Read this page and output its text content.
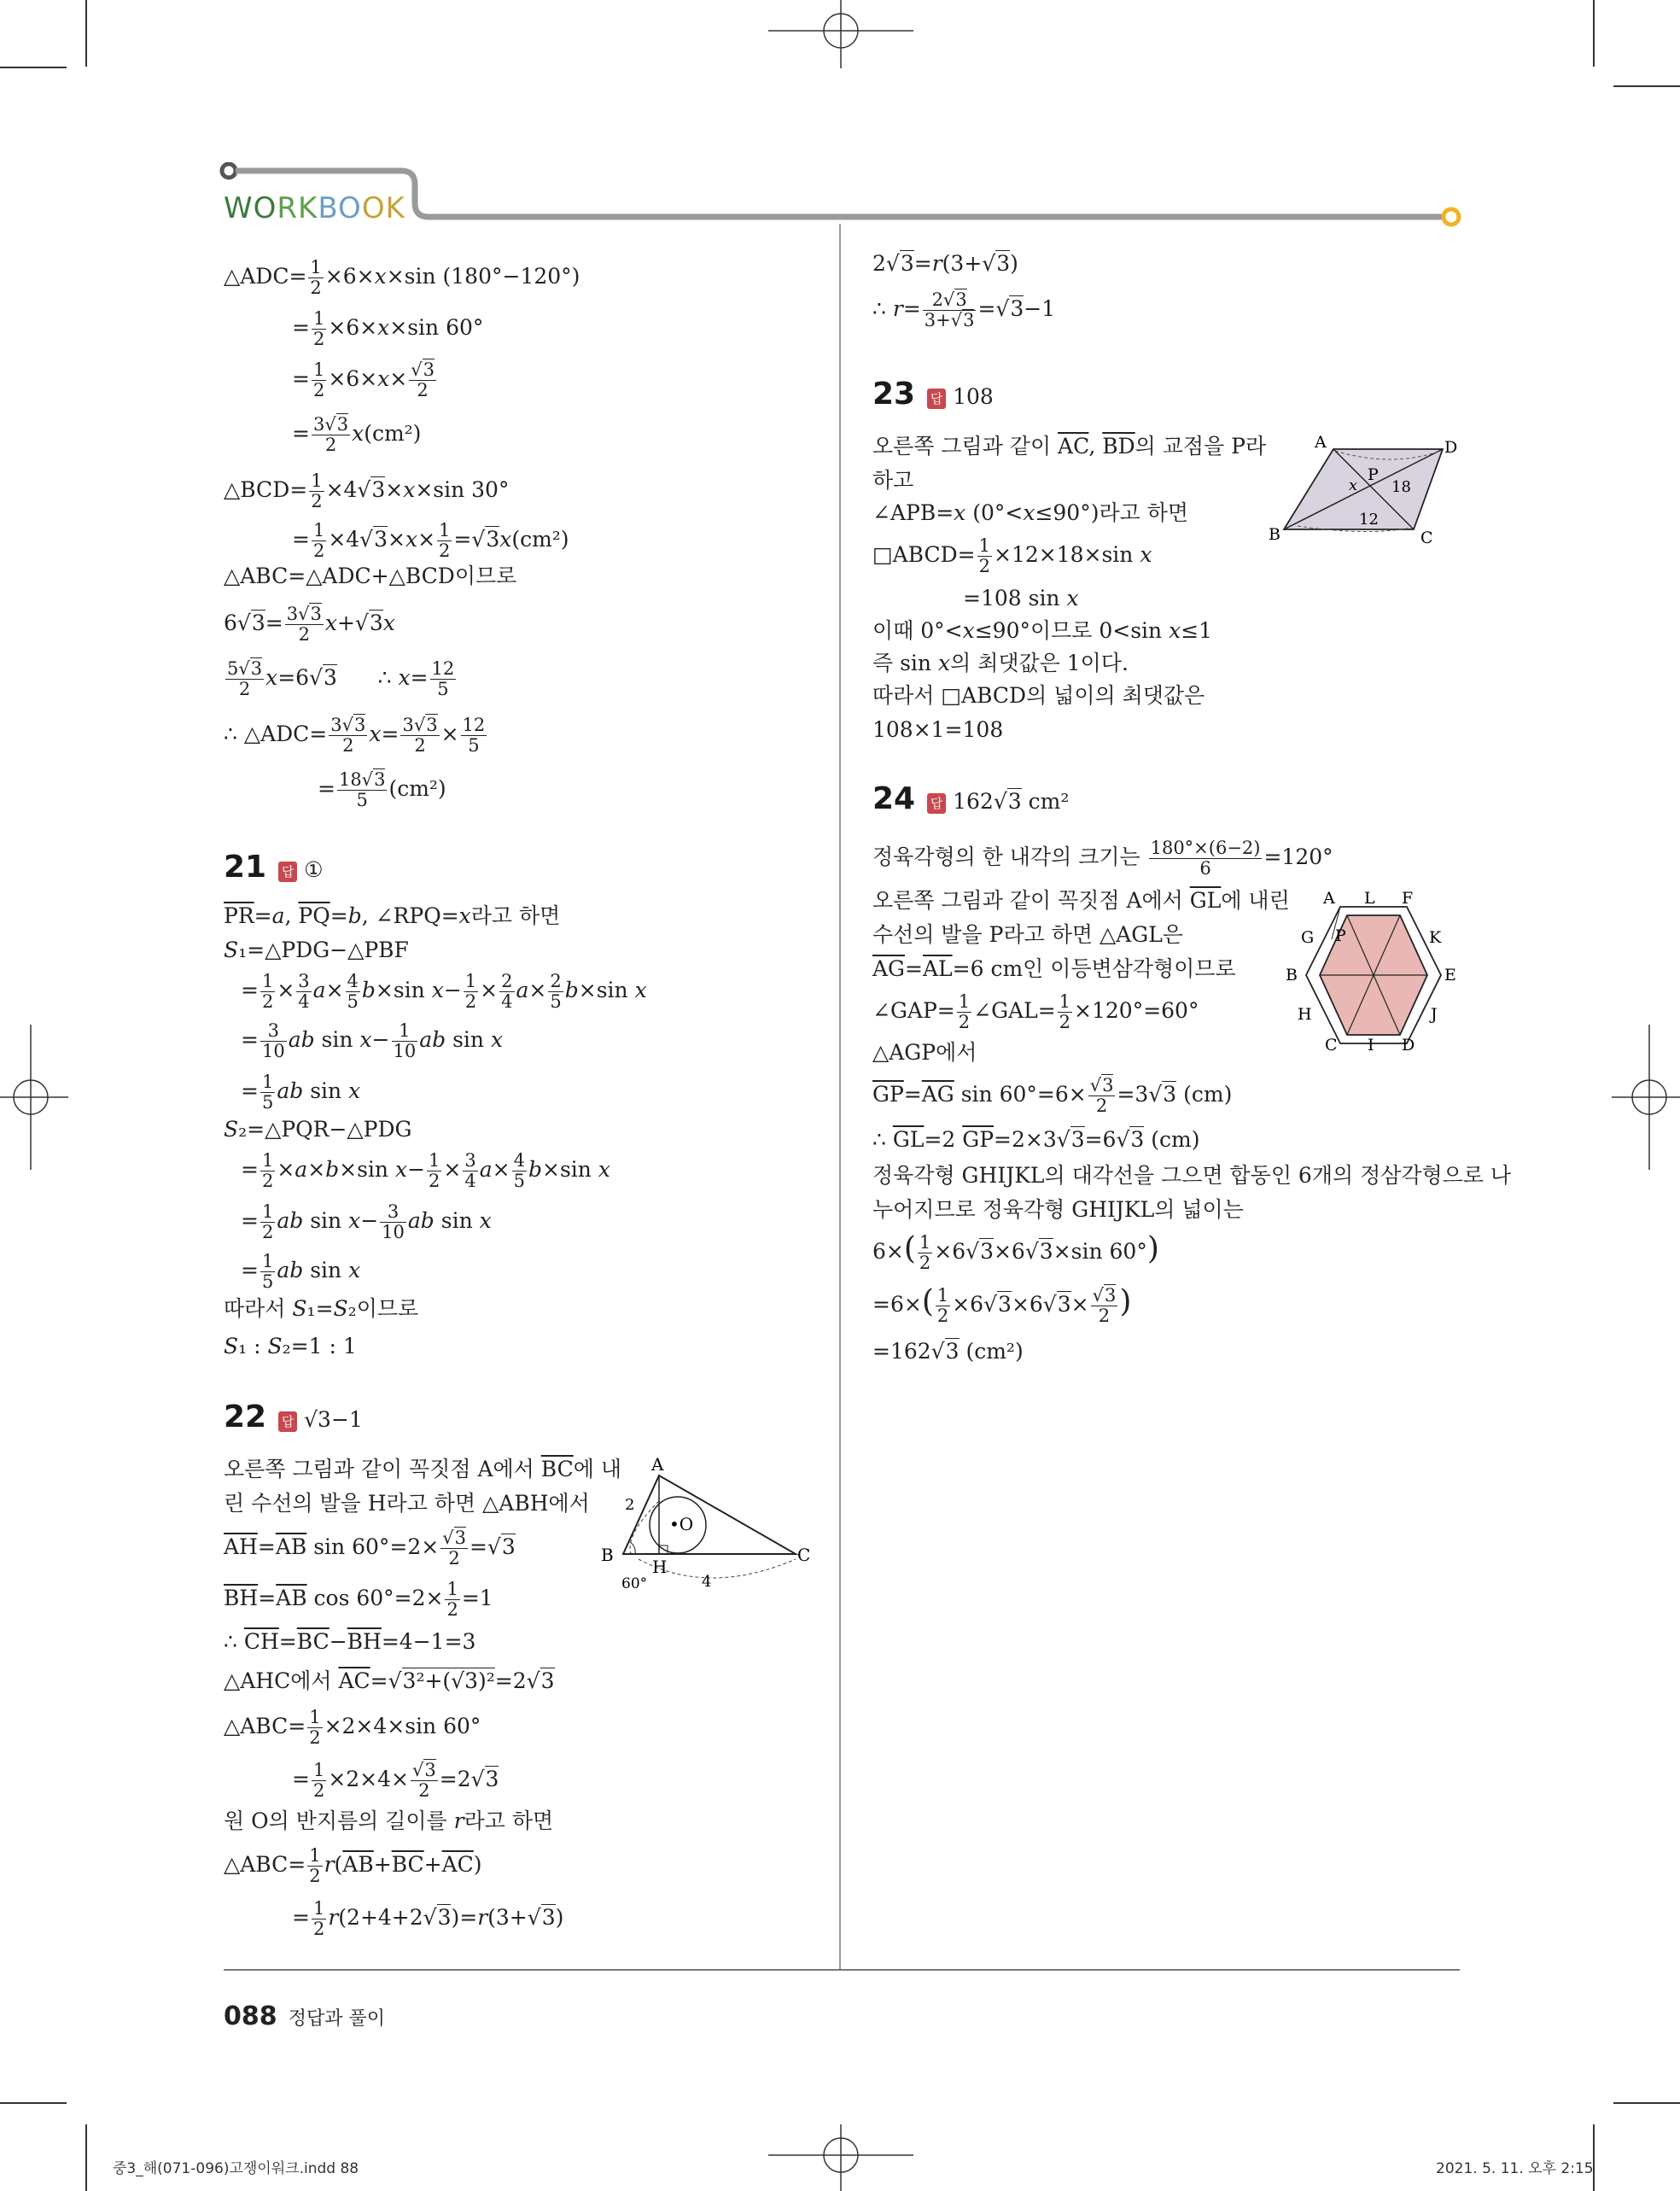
WORKBOOK
△ADC= $\frac{1}{2} \times 6\times x\times\sin$ (180°−120°)
= $\frac{1}{2} \times 6\times x\times\sin$ 60°
= $\frac{1}{2} \times 6\times x\times \frac{√3}{2}$
= $\frac{3√3}{2} x(cm^2)$
△BCD= $\frac{1}{2} \times 4√3\times x\times\sin$ 30°
= $\frac{1}{2} \times 4√3\times x\times \frac{1}{2} =√3x(cm^2)$
△ABC=△ADC+△BCD이므로
$6√3= \frac{3√3}{2} x+√3x$
$\frac{5√3}{2} x=6√3$      ∴ $x= \frac{12}{5}$
∴ △ADC= $\frac{3√3}{2} x= \frac{3√3}{2} \times \frac{12}{5}$
= $\frac{18√3}{5} (cm^2)$
21 답 ①
$\overline{PR}=a$, $\overline{PQ}=b$, ∠RPQ=x라고 하면
S₁=△PDG−△PBF
= $\frac{1}{2} \times \frac{3}{4} a\times \frac{4}{5} b\times\sin$ $x- \frac{1}{2} \times \frac{2}{4} a\times \frac{2}{5} b\times\sin$ x
= $\frac{3}{10}$ ab $\sin x- \frac{1}{10}$ ab sin x
= $\frac{1}{5}$ ab sin x
S₂=△PQR−△PDG
= $\frac{1}{2} \times a\times b\times\sin$ $x- \frac{1}{2} \times \frac{3}{4} a\times \frac{4}{5} b\times\sin$ x
= $\frac{1}{2}$ ab $\sin x- \frac{3}{10}$ ab sin x
= $\frac{1}{5}$ ab sin x
따라서 S₁=S₂이므로
S₁ : S₂=1 : 1
22 답 √3−1
오른쪽 그림과 같이 꼭짓점 A에서 $\overline{BC}$에 내
린 수선의 발을 H라고 하면 △ABH에서
$\overline{AH}=\overline{AB}$ $\sin 60^\circ=2\times \frac{√3}{2} =√3$
$\overline{BH}=\overline{AB}$ $\cos 60^\circ=2\times \frac{1}{2} =1$
∴ $\overline{CH}=\overline{BC}-\overline{BH}=4-1=3$
△AHC에서 $\overline{AC}=√3^2+(√3)^2=2√3$
△ABC= $\frac{1}{2} \times 2\times 4\times\sin$ 60°
= $\frac{1}{2} \times 2\times 4\times \frac{√3}{2} =2√3$
원 O의 반지름의 길이를 r라고 하면
△ABC= $\frac{1}{2} r(\overline{AB}+\overline{BC}+\overline{AC})$
= $\frac{1}{2} r(2+4+2√3)=r(3+√3)$
A
B	C
H
•O
2
4
60°
2√3=r(3+√3)
∴ $r= \frac{2√3}{3+√3} =√3-1$
23 답 108
오른쪽 그림과 같이 $\overline{AC}$, $\overline{BD}$의 교점을 P라
하고
∠APB=x (0°<x≤90°)라고 하면
□ABCD= $\frac{1}{2} \times 12\times 18\times\sin$ x
=108 sin x
이때 0°<x≤90°이므로 0<sin x≤1
즉 sin x의 최댓값은 1이다.
따라서 □ABCD의 넓이의 최댓값은
108×1=108
24 답 162√3 cm²
정육각형의 한 내각의 크기는 $\frac{180^\circ\times(6-2)}{6} =120^\circ$
오른쪽 그림과 같이 꼭짓점 A에서 $\overline{GL}$에 내린
수선의 발을 P라고 하면 △AGL은
$\overline{AG}=\overline{AL}=6$ cm인 이등변삼각형이므로
∠GAP= $\frac{1}{2}$ ∠GAL= $\frac{1}{2} \times 120^\circ=60^\circ$
△AGP에서
$\overline{GP}=\overline{AG}$ $\sin 60^\circ=6\times \frac{√3}{2} =3√3$ (cm)
∴ $\overline{GL}=2$ $\overline{GP}=2\times 3√3=6√3$ (cm)
정육각형 GHIJKL의 대각선을 그으면 합동인 6개의 정삼각형으로 나
누어지므로 정육각형 GHIJKL의 넓이는
$6\times( \frac{1}{2} \times 6√3\times 6√3\times\sin$ 60°)
$=6\times( \frac{1}{2} \times 6√3\times 6√3\times \frac{√3}{2}$ )
=162√3 (cm²)
A	D
B	C
P
x 18
12
A L F
G P	K
B	E
H	J
C I D
088 정답과 풀이
중3_해(071-096)고쟁이워크.indd 88	2021. 5. 11. 오후 2:15
